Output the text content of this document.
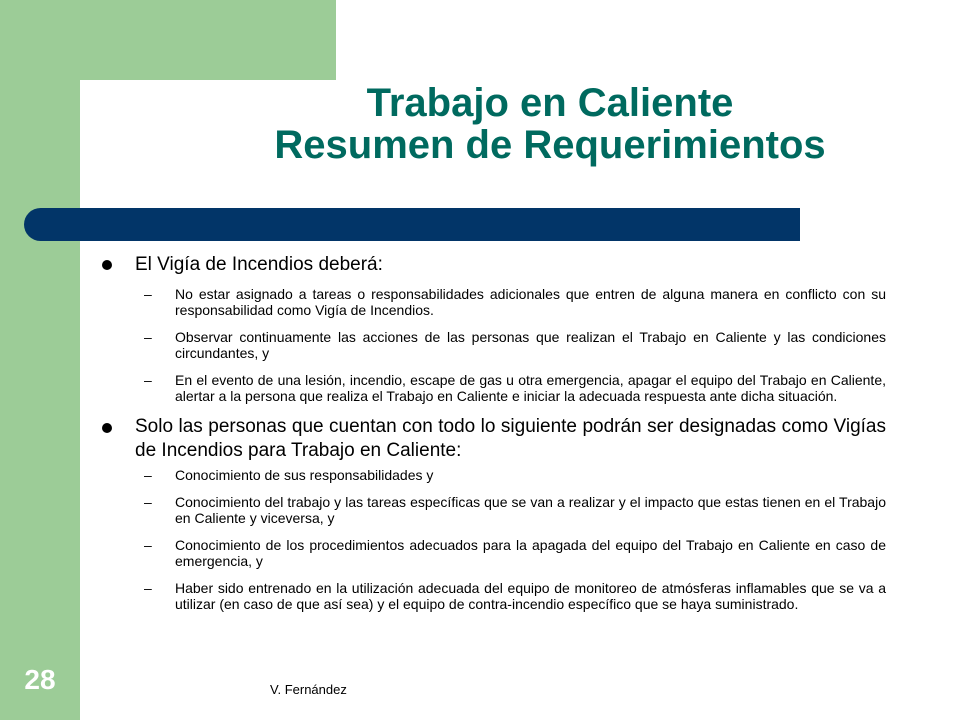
Trabajo en Caliente
Resumen de Requerimientos
El Vigía de Incendios deberá:
– No estar asignado a tareas o responsabilidades adicionales que entren de alguna manera en conflicto con su responsabilidad como Vigía de Incendios.
– Observar continuamente las acciones de las personas que realizan el Trabajo en Caliente y las condiciones circundantes, y
– En el evento de una lesión, incendio, escape de gas u otra emergencia, apagar el equipo del Trabajo en Caliente, alertar a la persona que realiza el Trabajo en Caliente e iniciar la adecuada respuesta ante dicha situación.
Solo las personas que cuentan con todo lo siguiente podrán ser designadas como Vigías de Incendios para Trabajo en Caliente:
– Conocimiento de sus responsabilidades y
– Conocimiento del trabajo y las tareas específicas que se van a realizar y el impacto que estas tienen en el Trabajo en Caliente y viceversa, y
– Conocimiento de los procedimientos adecuados para la apagada del equipo del Trabajo en Caliente en caso de emergencia, y
– Haber sido entrenado en la utilización adecuada del equipo de monitoreo de atmósferas inflamables que se va a utilizar (en caso de que así sea) y el equipo de contra-incendio específico que se haya suministrado.
28	V. Fernández
